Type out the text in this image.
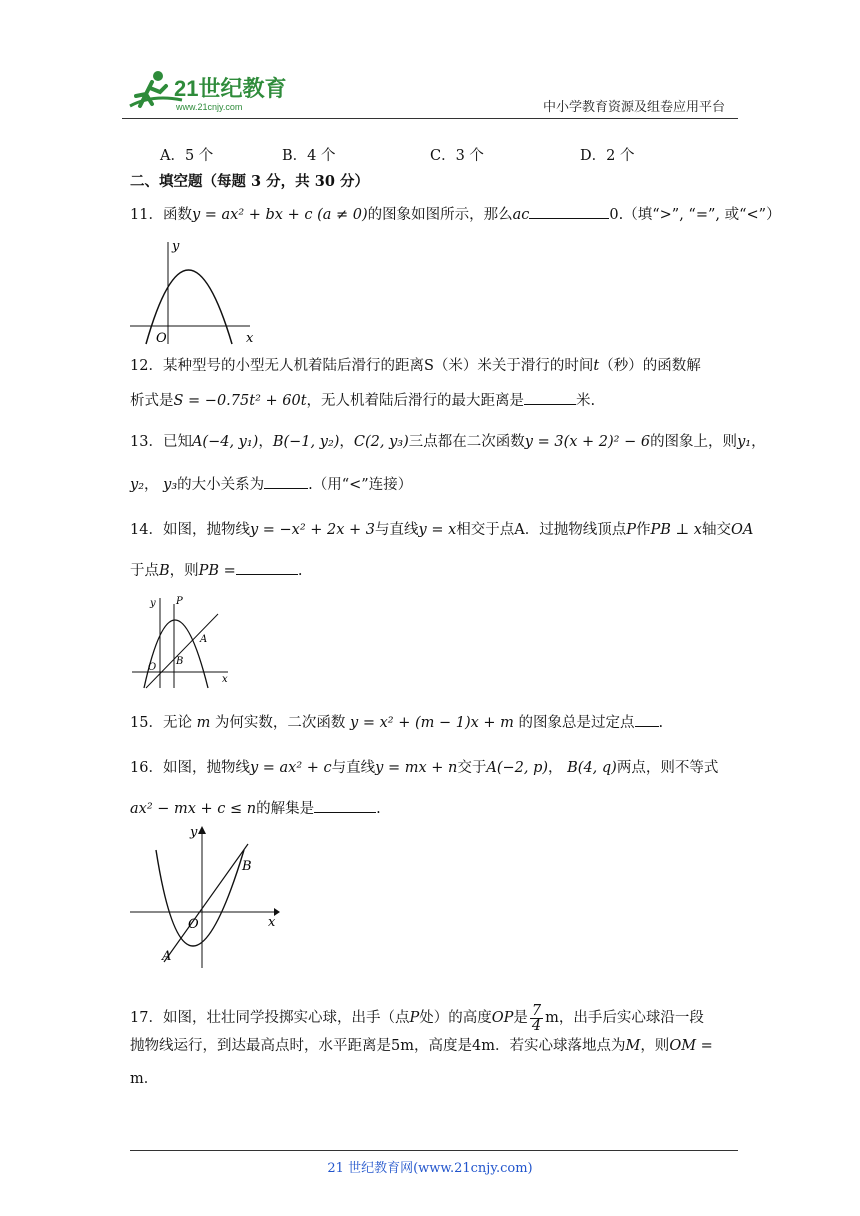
21世纪教育
www.21cnjy.com	中小学教育资源及组卷应用平台
A．5 个	B．4 个	C．3 个	D．2 个
二、填空题（每题 3 分，共 30 分）
11．函数y = ax² + bx + c (a ≠ 0)的图象如图所示，那么ac	0.（填“>”, “=”, 或“<”）
y
O	x
12．某种型号的小型无人机着陆后滑行的距离S（米）米关于滑行的时间t（秒）的函数解
析式是S = −0.75t² + 60t，无人机着陆后滑行的最大距离是	米.
13．已知A(−4, y₁)，B(−1, y₂)，C(2, y₃)三点都在二次函数y = 3(x + 2)² − 6的图象上，则y₁，
y₂， y₃的大小关系为	.（用“<”连接）
14．如图，抛物线y = −x² + 2x + 3与直线y = x相交于点A．过抛物线顶点P作PB ⊥ x轴交OA
于点B，则PB =	.
y P
A
O
B
x
15．无论 m 为何实数，二次函数 y = x² + (m − 1)x + m 的图象总是过定点 .
16．如图，抛物线y = ax² + c与直线y = mx + n交于A(−2, p)， B(4, q)两点，则不等式
ax² − mx + c ≤ n的解集是	.
y
B
O	x
A
17．如图，壮壮同学投掷实心球，出手（点P处）的高度OP是 $\frac{7}{4}$ m，出手后实心球沿一段
抛物线运行，到达最高点时，水平距离是5m，高度是4m．若实心球落地点为M，则OM =
m．
21 世纪教育网(www.21cnjy.com)
